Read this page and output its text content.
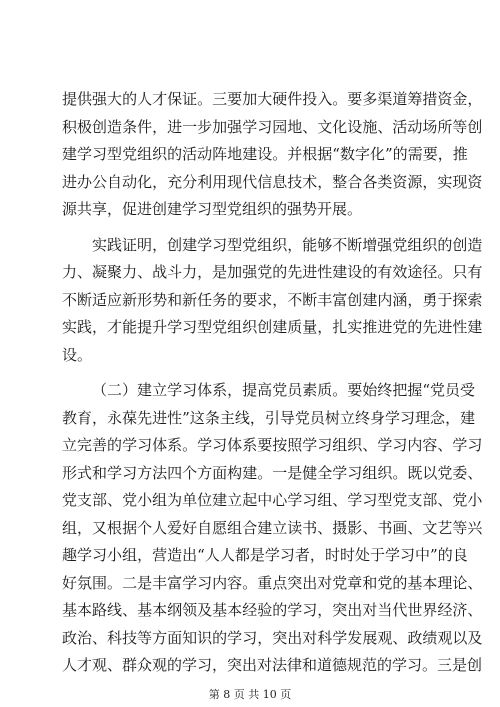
提 供 强 大 的 人 才 保 证 。 三 要 加 大 硬 件 投 入 。 要 多 渠 道 筹 措 资 金 ，
积 极 创 造 条 件 ， 进 一 步 加 强 学 习 园 地 、 文 化 设 施 、 活 动 场 所 等 创
建 学 习 型 党 组 织 的 活 动 阵 地 建 设 。 并 根 据 “ 数 字 化 ” 的 需 要 ， 推
进 办 公 自 动 化 ， 充 分 利 用 现 代 信 息 技 术 ， 整 合 各 类 资 源 ， 实 现 资
源共享，促进创建学习型党组织的强势开展。
实 践 证 明 ， 创 建 学 习 型 党 组 织 ， 能 够 不 断 增 强 党 组 织 的 创 造
力 、 凝 聚 力 、 战 斗 力 ， 是 加 强 党 的 先 进 性 建 设 的 有 效 途 径 。 只 有
不 断 适 应 新 形 势 和 新 任 务 的 要 求 ， 不 断 丰 富 创 建 内 涵 ， 勇 于 探 索
实 践 ， 才 能 提 升 学 习 型 党 组 织 创 建 质 量 ， 扎 实 推 进 党 的 先 进 性 建
设。
（ 二 ） 建 立 学 习 体 系 ， 提 高 党 员 素 质 。 要 始 终 把 握 “ 党 员 受
教 育 ， 永 葆 先 进 性 ” 这 条 主 线 ， 引 导 党 员 树 立 终 身 学 习 理 念 ， 建
立 完 善 的 学 习 体 系 。 学 习 体 系 要 按 照 学 习 组 织 、 学 习 内 容 、 学 习
形 式 和 学 习 方 法 四 个 方 面 构 建 。 一 是 健 全 学 习 组 织 。 既 以 党 委 、
党 支 部 、 党 小 组 为 单 位 建 立 起 中 心 学 习 组 、 学 习 型 党 支 部 、 党 小
组 ， 又 根 据 个 人 爱 好 自 愿 组 合 建 立 读 书 、 摄 影 、 书 画 、 文 艺 等 兴
趣 学 习 小 组 ， 营 造 出 “ 人 人 都 是 学 习 者 ， 时 时 处 于 学 习 中 ” 的 良
好 氛 围 。 二 是 丰 富 学 习 内 容 。 重 点 突 出 对 党 章 和 党 的 基 本 理 论 、
基 本 路 线 、 基 本 纲 领 及 基 本 经 验 的 学 习 ， 突 出 对 当 代 世 界 经 济 、
政 治 、 科 技 等 方 面 知 识 的 学 习 ， 突 出 对 科 学 发 展 观 、 政 绩 观 以 及
人才观、群众观的学习，突出对法律和道德规范的学习。三是创
第 8 页 共 10 页
